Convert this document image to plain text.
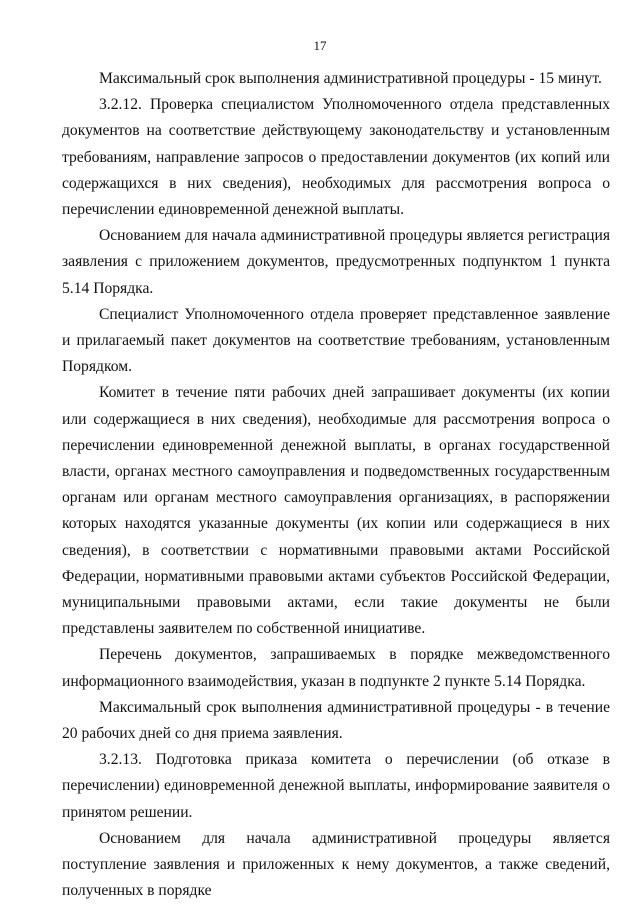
17

Максимальный срок выполнения административной процедуры - 15 минут.

3.2.12. Проверка специалистом Уполномоченного отдела представленных документов на соответствие действующему законодательству и установленным требованиям, направление запросов о предоставлении документов (их копий или содержащихся в них сведения), необходимых для рассмотрения вопроса о перечислении единовременной денежной выплаты.

Основанием для начала административной процедуры является регистрация заявления с приложением документов, предусмотренных подпунктом 1 пункта 5.14 Порядка.

Специалист Уполномоченного отдела проверяет представленное заявление и прилагаемый пакет документов на соответствие требованиям, установленным Порядком.

Комитет в течение пяти рабочих дней запрашивает документы (их копии или содержащиеся в них сведения), необходимые для рассмотрения вопроса о перечислении единовременной денежной выплаты, в органах государственной власти, органах местного самоуправления и подведомственных государственным органам или органам местного самоуправления организациях, в распоряжении которых находятся указанные документы (их копии или содержащиеся в них сведения), в соответствии с нормативными правовыми актами Российской Федерации, нормативными правовыми актами субъектов Российской Федерации, муниципальными правовыми актами, если такие документы не были представлены заявителем по собственной инициативе.

Перечень документов, запрашиваемых в порядке межведомственного информационного взаимодействия, указан в подпункте 2 пункте 5.14 Порядка.

Максимальный срок выполнения административной процедуры - в течение 20 рабочих дней со дня приема заявления.

3.2.13. Подготовка приказа комитета о перечислении (об отказе в перечислении) единовременной денежной выплаты, информирование заявителя о принятом решении.

Основанием для начала административной процедуры является поступление заявления и приложенных к нему документов, а также сведений, полученных в порядке
